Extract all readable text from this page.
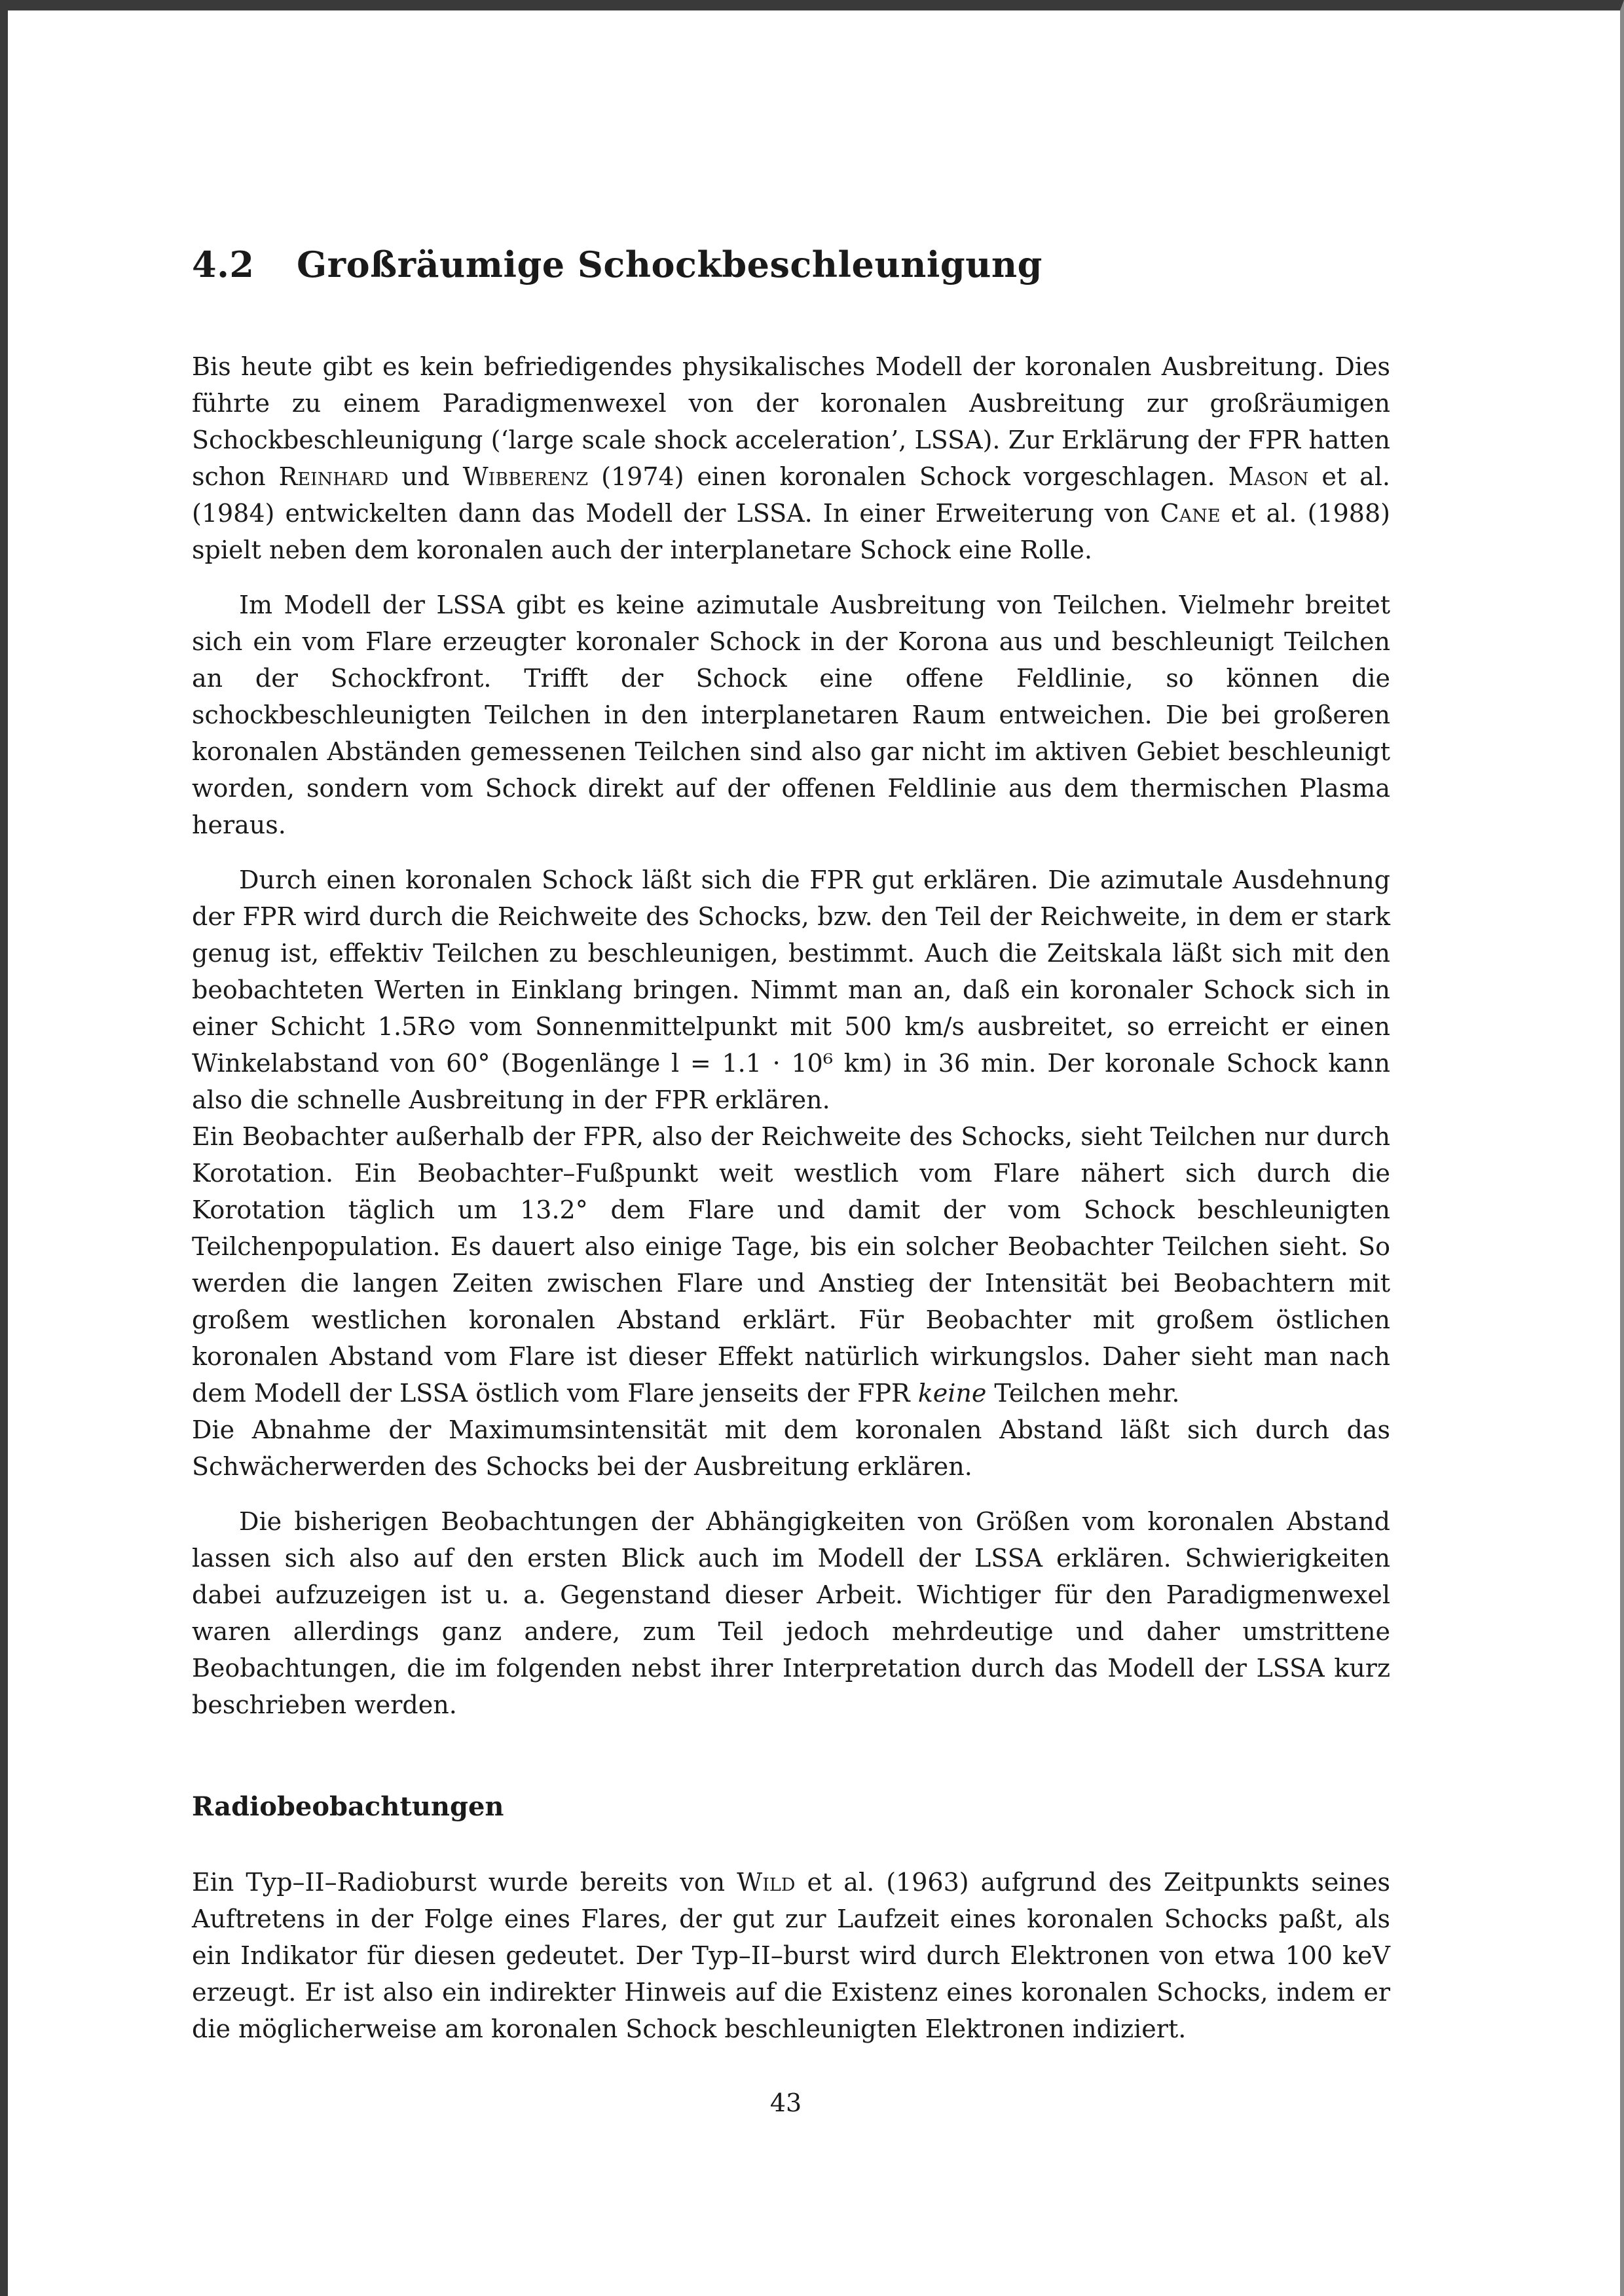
4.2 Großräumige Schockbeschleunigung

Bis heute gibt es kein befriedigendes physikalisches Modell der koronalen Ausbreitung. Dies führte zu einem Paradigmenwexel von der koronalen Ausbreitung zur großräumigen Schockbeschleunigung (‘large scale shock acceleration’, LSSA). Zur Erklärung der FPR hatten schon Reinhard und Wibberenz (1974) einen koronalen Schock vorgeschlagen. Mason et al. (1984) entwickelten dann das Modell der LSSA. In einer Erweiterung von Cane et al. (1988) spielt neben dem koronalen auch der interplanetare Schock eine Rolle.

Im Modell der LSSA gibt es keine azimutale Ausbreitung von Teilchen. Vielmehr breitet sich ein vom Flare erzeugter koronaler Schock in der Korona aus und beschleunigt Teilchen an der Schockfront. Trifft der Schock eine offene Feldlinie, so können die schockbeschleunigten Teilchen in den interplanetaren Raum entweichen. Die bei großeren koronalen Abständen gemessenen Teilchen sind also gar nicht im aktiven Gebiet beschleunigt worden, sondern vom Schock direkt auf der offenen Feldlinie aus dem thermischen Plasma heraus.

Durch einen koronalen Schock läßt sich die FPR gut erklären. Die azimutale Ausdehnung der FPR wird durch die Reichweite des Schocks, bzw. den Teil der Reichweite, in dem er stark genug ist, effektiv Teilchen zu beschleunigen, bestimmt. Auch die Zeitskala läßt sich mit den beobachteten Werten in Einklang bringen. Nimmt man an, daß ein koronaler Schock sich in einer Schicht 1.5R⊙ vom Sonnenmittelpunkt mit 500 km/s ausbreitet, so erreicht er einen Winkelabstand von 60° (Bogenlänge l = 1.1 · 10⁶ km) in 36 min. Der koronale Schock kann also die schnelle Ausbreitung in der FPR erklären.

Ein Beobachter außerhalb der FPR, also der Reichweite des Schocks, sieht Teilchen nur durch Korotation. Ein Beobachter–Fußpunkt weit westlich vom Flare nähert sich durch die Korotation täglich um 13.2° dem Flare und damit der vom Schock beschleunigten Teilchenpopulation. Es dauert also einige Tage, bis ein solcher Beobachter Teilchen sieht. So werden die langen Zeiten zwischen Flare und Anstieg der Intensität bei Beobachtern mit großem westlichen koronalen Abstand erklärt. Für Beobachter mit großem östlichen koronalen Abstand vom Flare ist dieser Effekt natürlich wirkungslos. Daher sieht man nach dem Modell der LSSA östlich vom Flare jenseits der FPR keine Teilchen mehr.

Die Abnahme der Maximumsintensität mit dem koronalen Abstand läßt sich durch das Schwächerwerden des Schocks bei der Ausbreitung erklären.

Die bisherigen Beobachtungen der Abhängigkeiten von Größen vom koronalen Abstand lassen sich also auf den ersten Blick auch im Modell der LSSA erklären. Schwierigkeiten dabei aufzuzeigen ist u. a. Gegenstand dieser Arbeit. Wichtiger für den Paradigmenwexel waren allerdings ganz andere, zum Teil jedoch mehrdeutige und daher umstrittene Beobachtungen, die im folgenden nebst ihrer Interpretation durch das Modell der LSSA kurz beschrieben werden.

Radiobeobachtungen

Ein Typ–II–Radioburst wurde bereits von Wild et al. (1963) aufgrund des Zeitpunkts seines Auftretens in der Folge eines Flares, der gut zur Laufzeit eines koronalen Schocks paßt, als ein Indikator für diesen gedeutet. Der Typ–II–burst wird durch Elektronen von etwa 100 keV erzeugt. Er ist also ein indirekter Hinweis auf die Existenz eines koronalen Schocks, indem er die möglicherweise am koronalen Schock beschleunigten Elektronen indiziert.

43
